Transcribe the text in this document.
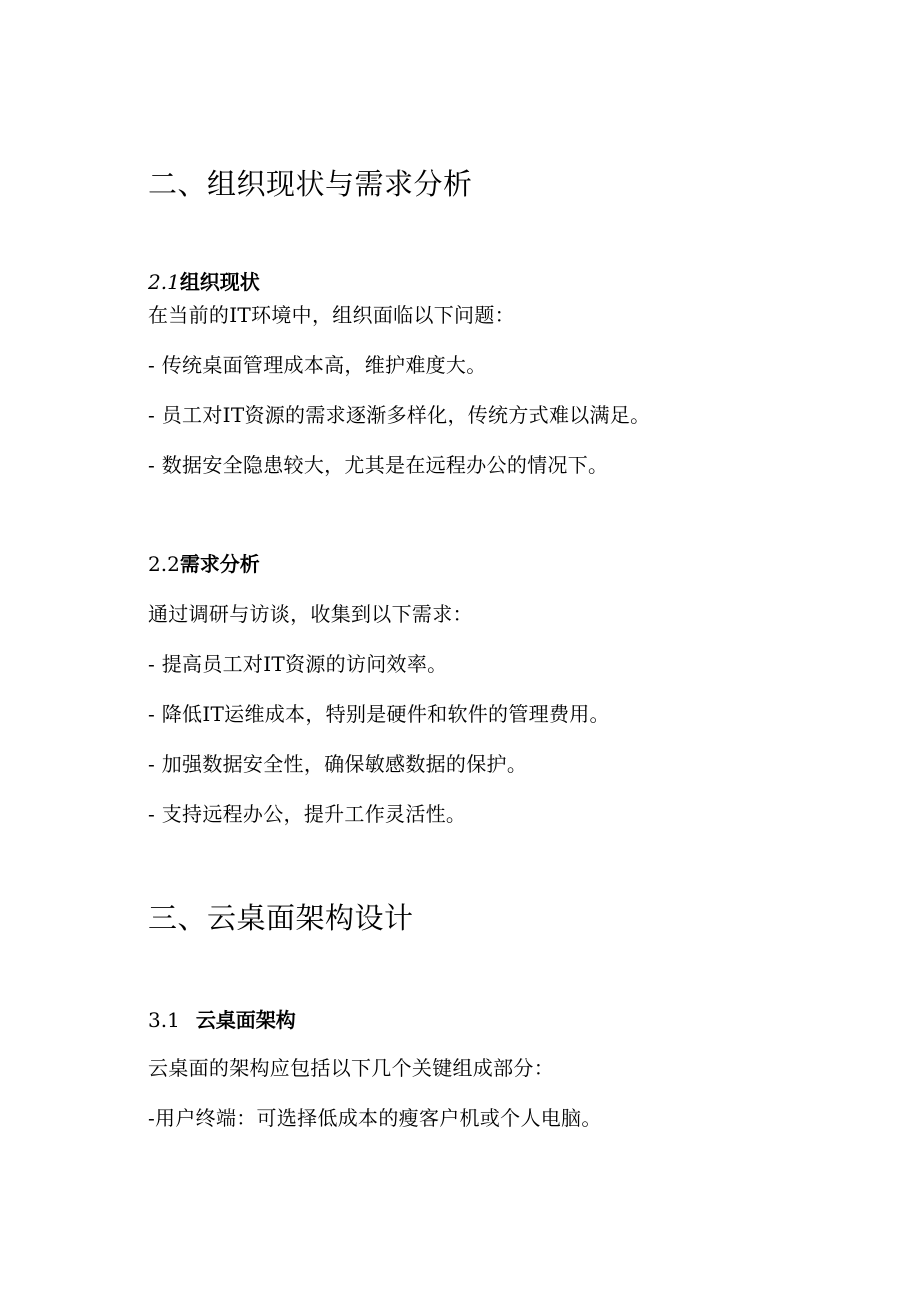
二、组织现状与需求分析
2.1组织现状
在当前的IT环境中，组织面临以下问题：
- 传统桌面管理成本高，维护难度大。
- 员工对IT资源的需求逐渐多样化，传统方式难以满足。
- 数据安全隐患较大，尤其是在远程办公的情况下。
2.2需求分析
通过调研与访谈，收集到以下需求：
- 提高员工对IT资源的访问效率。
- 降低IT运维成本，特别是硬件和软件的管理费用。
- 加强数据安全性，确保敏感数据的保护。
- 支持远程办公，提升工作灵活性。
三、云桌面架构设计
3.1 云桌面架构
云桌面的架构应包括以下几个关键组成部分：
-用户终端：可选择低成本的瘦客户机或个人电脑。
